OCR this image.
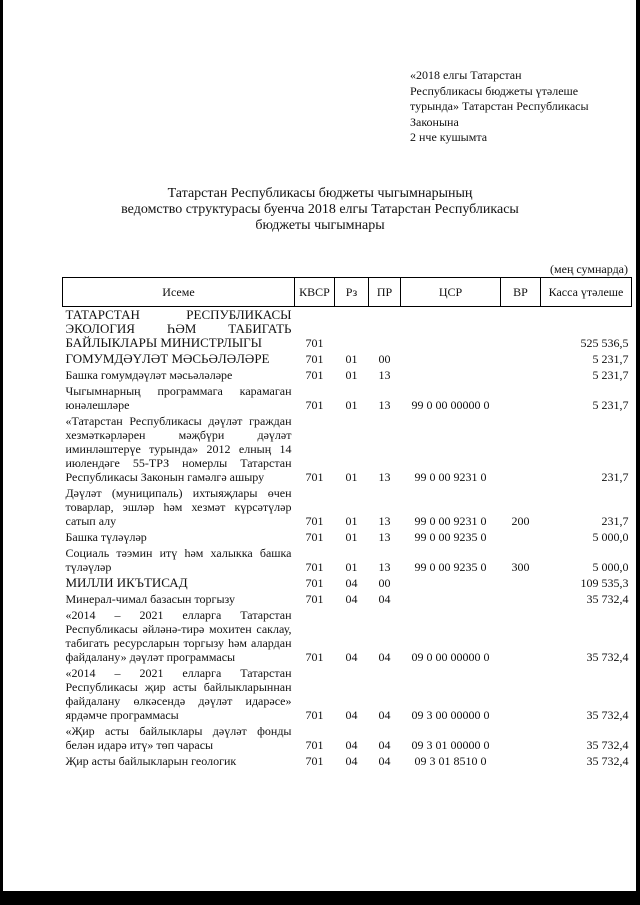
«2018 елгы Татарстан
Республикасы бюджеты үтәлеше
турында» Татарстан Республикасы
Законына
2 нче кушымта
Татарстан Республикасы бюджеты чыгымнарының
ведомство структурасы буенча 2018 елгы Татарстан Республикасы
бюджеты чыгымнары
(мең сумнарда)
Исеме	КВСР	Рз	ПР	ЦСР	ВР	Касса үтәлеше
ТАТАРСТАН РЕСПУБЛИКАСЫ ЭКОЛОГИЯ ҺӘМ ТАБИГАТЬ БАЙЛЫКЛАРЫ МИНИСТРЛЫГЫ	701					525 536,5
ГОМУМДӘҮЛӘТ МӘСЬӘЛӘЛӘРЕ	701	01	00			5 231,7
Башка гомумдәүләт мәсьәләләре	701	01	13			5 231,7
Чыгымнарның программага карамаган юнәлешләре	701	01	13	99 0 00 00000 0		5 231,7
«Татарстан Республикасы дәүләт граждан хезмәткәрләрен мәҗбүри дәүләт иминләштерүе турында» 2012 елның 14 июлендәге 55-ТРЗ номерлы Татарстан Республикасы Законын гамәлгә ашыру	701	01	13	99 0 00 9231 0		231,7
Дәүләт (муниципаль) ихтыяҗлары өчен товарлар, эшләр һәм хезмәт күрсәтүләр сатып алу	701	01	13	99 0 00 9231 0	200	231,7
Башка түләүләр	701	01	13	99 0 00 9235 0		5 000,0
Социаль тәэмин итү һәм халыкка башка түләүләр	701	01	13	99 0 00 9235 0	300	5 000,0
МИЛЛИ ИКЪТИСАД	701	04	00			109 535,3
Минерал-чимал базасын торгызу	701	04	04			35 732,4
«2014 – 2021 елларга Татарстан Республикасы әйләнә-тирә мохитен саклау, табигать ресурсларын торгызу һәм алардан файдалану» дәүләт программасы	701	04	04	09 0 00 00000 0		35 732,4
«2014 – 2021 елларга Татарстан Республикасы җир асты байлыкларыннан файдалану өлкәсендә дәүләт идарәсе» ярдәмче программасы	701	04	04	09 3 00 00000 0		35 732,4
«Җир асты байлыклары дәүләт фонды белән идарә итү» төп чарасы	701	04	04	09 3 01 00000 0		35 732,4
Җир асты байлыкларын геологик	701	04	04	09 3 01 8510 0		35 732,4
